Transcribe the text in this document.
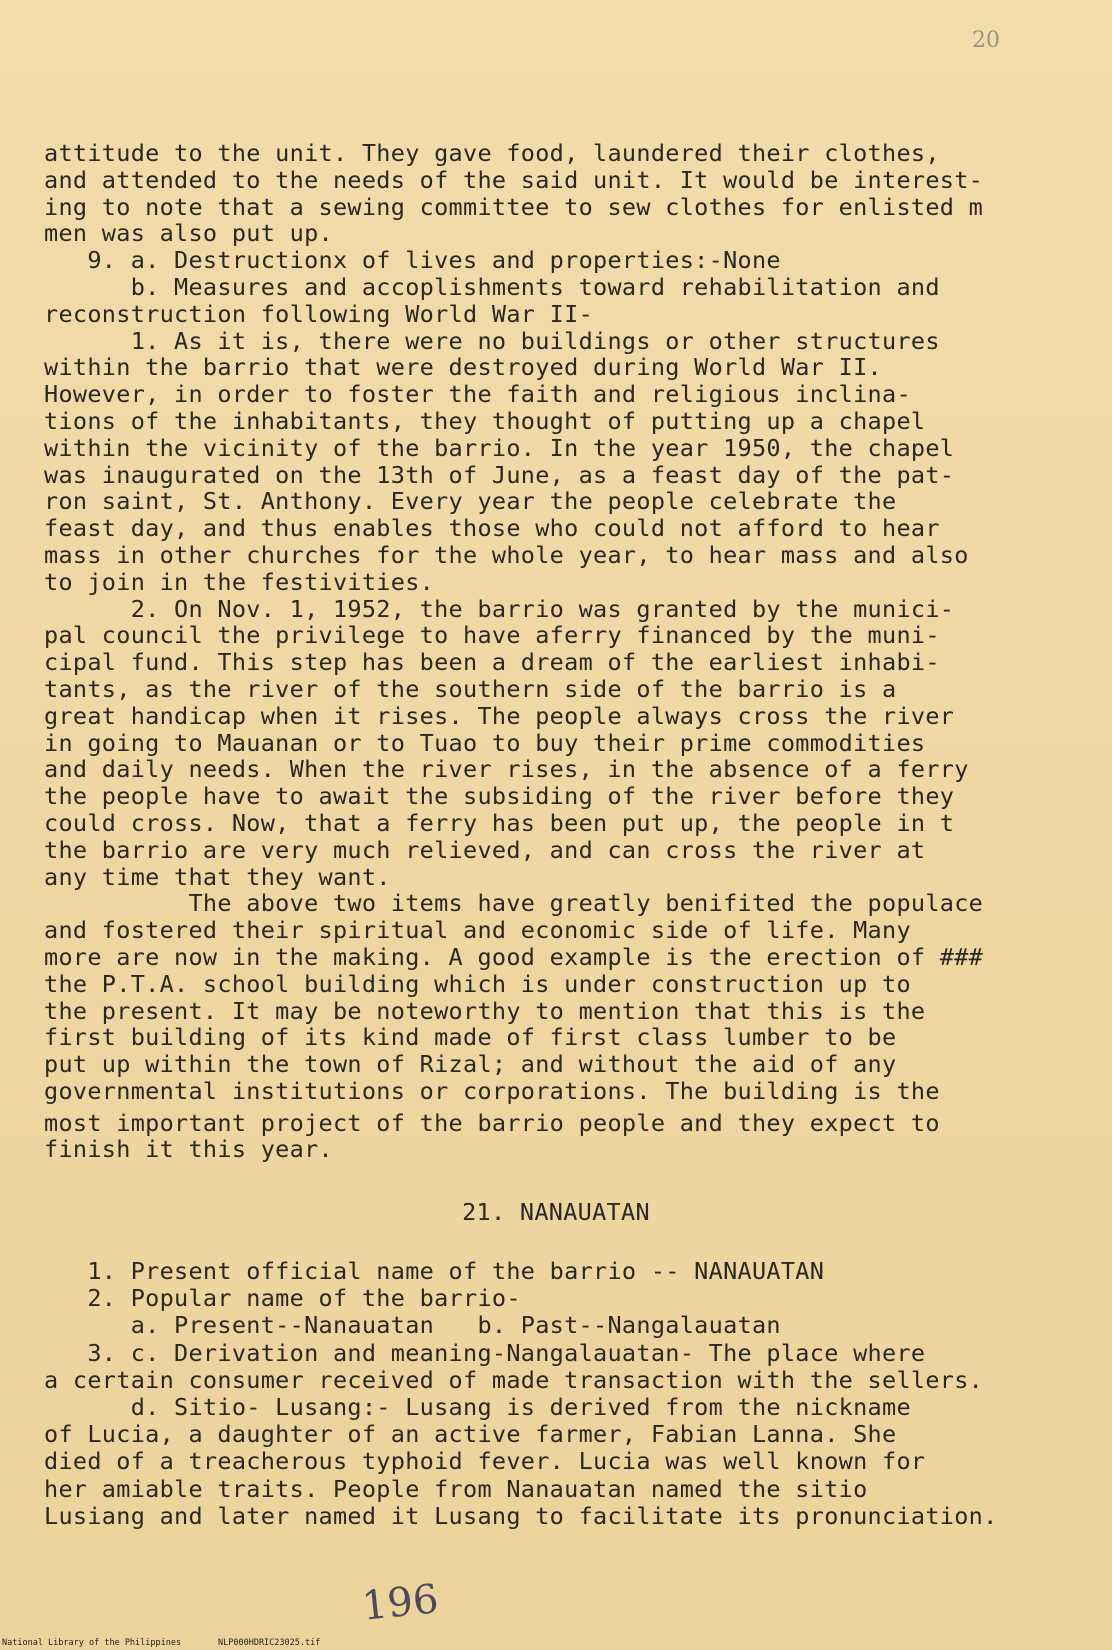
20
attitude to the unit. They gave food, laundered their clothes,
and attended to the needs of the said unit. It would be interest-
ing to note that a sewing committee to sew clothes for enlisted m
men was also put up.
9. a. Destructionx of lives and properties:-None
b. Measures and accoplishments toward rehabilitation and
reconstruction following World War II-
1. As it is, there were no buildings or other structures
within the barrio that were destroyed during World War II.
However, in order to foster the faith and religious inclina-
tions of the inhabitants, they thought of putting up a chapel
within the vicinity of the barrio. In the year 1950, the chapel
was inaugurated on the 13th of June, as a feast day of the pat-
ron saint, St. Anthony. Every year the people celebrate the
feast day, and thus enables those who could not afford to hear
mass in other churches for the whole year, to hear mass and also
to join in the festivities.
2. On Nov. 1, 1952, the barrio was granted by the munici-
pal council the privilege to have aferry financed by the muni-
cipal fund. This step has been a dream of the earliest inhabi-
tants, as the river of the southern side of the barrio is a
great handicap when it rises. The people always cross the river
in going to Mauanan or to Tuao to buy their prime commodities
and daily needs. When the river rises, in the absence of a ferry
the people have to await the subsiding of the river before they
could cross. Now, that a ferry has been put up, the people in t
the barrio are very much relieved, and can cross the river at
any time that they want.
The above two items have greatly benifited the populace
and fostered their spiritual and economic side of life. Many
more are now in the making. A good example is the erection of ###
the P.T.A. school building which is under construction up to
the present. It may be noteworthy to mention that this is the
first building of its kind made of first class lumber to be
put up within the town of Rizal; and without the aid of any
governmental institutions or corporations. The building is the
most important project of the barrio people and they expect to
finish it this year.
21. NANAUATAN
1. Present official name of the barrio -- NANAUATAN
2. Popular name of the barrio-
a. Present--Nanauatan   b. Past--Nangalauatan
3. c. Derivation and meaning-Nangalauatan- The place where
a certain consumer received of made transaction with the sellers.
d. Sitio- Lusang:- Lusang is derived from the nickname
of Lucia, a daughter of an active farmer, Fabian Lanna. She
died of a treacherous typhoid fever. Lucia was well known for
her amiable traits. People from Nanauatan named the sitio
Lusiang and later named it Lusang to facilitate its pronunciation.
196

National Library of the Philippines

	NLP000HDRIC23025.tif
